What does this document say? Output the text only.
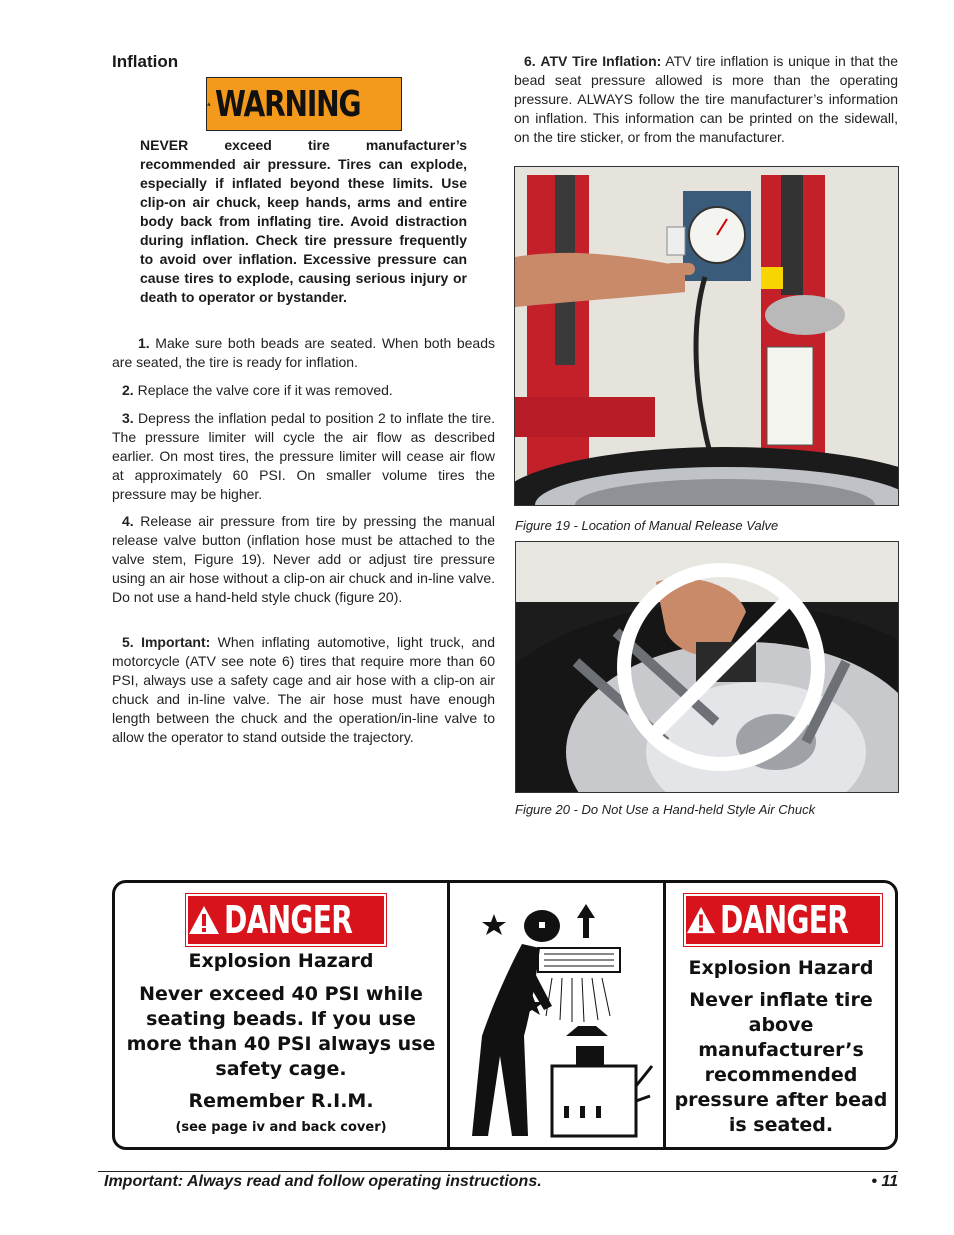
Inflation
WARNING
NEVER exceed tire manufacturer’s recommended air pressure. Tires can explode, especially if inflated beyond these limits. Use clip-on air chuck, keep hands, arms and entire body back from inflating tire. Avoid distraction during inflation. Check tire pressure frequently to avoid over inflation. Excessive pressure can cause tires to explode, causing serious injury or death to operator or bystander.
1. Make sure both beads are seated. When both beads are seated, the tire is ready for inflation.
2. Replace the valve core if it was removed.
3. Depress the inflation pedal to position 2 to inflate the tire. The pressure limiter will cycle the air flow as described earlier. On most tires, the pressure limiter will cease air flow at approximately 60 PSI. On smaller volume tires the pressure may be higher.
4. Release air pressure from tire by pressing the manual release valve button (inflation hose must be attached to the valve stem, Figure 19). Never add or adjust tire pressure using an air hose without a clip-on air chuck and in-line valve. Do not use a hand-held style chuck (figure 20).
5. Important: When inflating automotive, light truck, and motorcycle (ATV see note 6) tires that require more than 60 PSI, always use a safety cage and air hose with a clip-on air chuck and in-line valve. The air hose must have enough length between the chuck and the operation/in-line valve to allow the operator to stand outside the trajectory.
6. ATV Tire Inflation: ATV tire inflation is unique in that the bead seat pressure allowed is more than the operating pressure. ALWAYS follow the tire manufacturer’s information on inflation. This information can be printed on the sidewall, on the tire sticker, or from the manufacturer.
Figure 19 - Location of Manual Release Valve
Figure 20 - Do Not Use a Hand-held Style Air Chuck
DANGER
Explosion Hazard
Never exceed 40 PSI while seating beads. If you use more than 40 PSI always use safety cage.
Remember R.I.M.
(see page iv and back cover)
DANGER
Explosion Hazard
Never inflate tire above manufacturer’s recommended pressure after bead is seated.
Important: Always read and follow operating instructions.	• 11
